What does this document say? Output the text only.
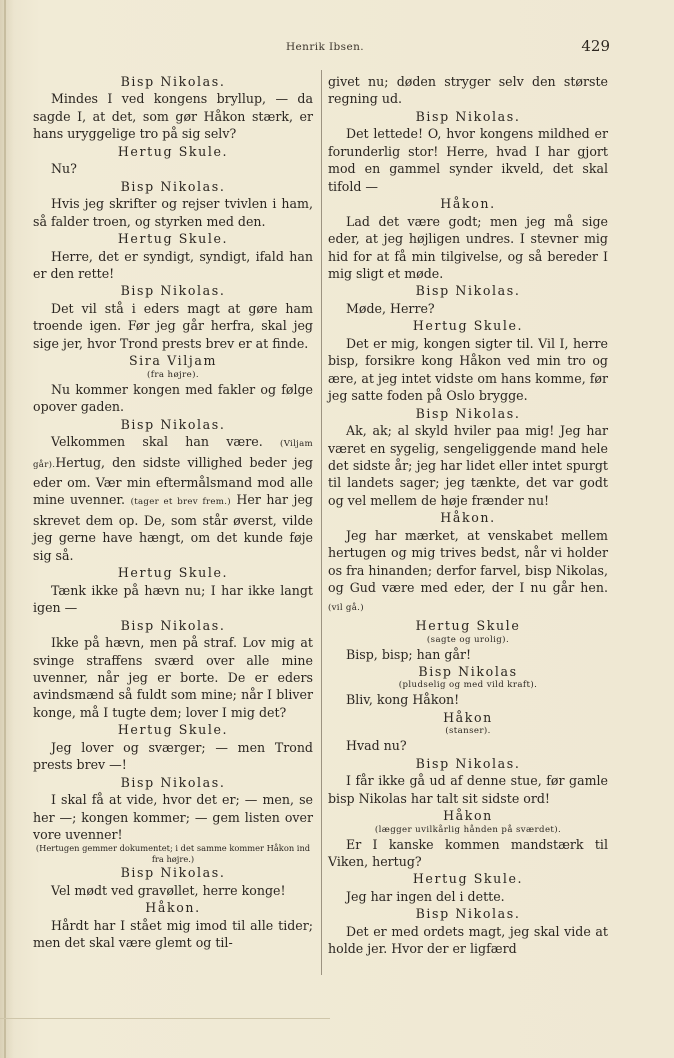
Henrik Ibsen.	429

Bisp Nikolas.

Mindes I ved kongens bryllup, — da sagde I, at det, som gør Håkon stærk, er hans uryggelige tro på sig selv?

Hertug Skule.

Nu?

Bisp Nikolas.

Hvis jeg skrifter og rejser tvivlen i ham, så falder troen, og styrken med den.

Hertug Skule.

Herre, det er syndigt, syndigt, ifald han er den rette!

Bisp Nikolas.

Det vil stå i eders magt at gøre ham troende igen. Før jeg går herfra, skal jeg sige jer, hvor Trond prests brev er at finde.

Sira Viljam

(fra højre).

Nu kommer kongen med fakler og følge opover gaden.

Bisp Nikolas.

Velkommen skal han være. (Viljam går).Hertug, den sidste villighed beder jeg eder om. Vær min eftermålsmand mod alle mine uvenner. (tager et brev frem.) Her har jeg skrevet dem op. De, som står øverst, vilde jeg gerne have hængt, om det kunde føje sig så.

Hertug Skule.

Tænk ikke på hævn nu; I har ikke langt igen —

Bisp Nikolas.

Ikke på hævn, men på straf. Lov mig at svinge straffens sværd over alle mine uvenner, når jeg er borte. De er eders avindsmænd så fuldt som mine; når I bliver konge, må I tugte dem; lover I mig det?

Hertug Skule.

Jeg lover og sværger; — men Trond prests brev —!

Bisp Nikolas.

I skal få at vide, hvor det er; — men, se her —; kongen kommer; — gem listen over vore uvenner!

(Hertugen gemmer dokumentet; i det samme kommer Håkon ind fra højre.)

Bisp Nikolas.

Vel mødt ved gravøllet, herre konge!

Håkon.

Hårdt har I stået mig imod til alle tider; men det skal være glemt og til-

givet nu; døden stryger selv den største regning ud.

Bisp Nikolas.

Det lettede! O, hvor kongens mildhed er forunderlig stor! Herre, hvad I har gjort mod en gammel synder ikveld, det skal tifold —

Håkon.

Lad det være godt; men jeg må sige eder, at jeg højligen undres. I stevner mig hid for at få min tilgivelse, og så bereder I mig sligt et møde.

Bisp Nikolas.

Møde, Herre?

Hertug Skule.

Det er mig, kongen sigter til. Vil I, herre bisp, forsikre kong Håkon ved min tro og ære, at jeg intet vidste om hans komme, før jeg satte foden på Oslo brygge.

Bisp Nikolas.

Ak, ak; al skyld hviler paa mig! Jeg har været en sygelig, sengeliggende mand hele det sidste år; jeg har lidet eller intet spurgt til landets sager; jeg tænkte, det var godt og vel mellem de høje frænder nu!

Håkon.

Jeg har mærket, at venskabet mellem hertugen og mig trives bedst, når vi holder os fra hinanden; derfor farvel, bisp Nikolas, og Gud være med eder, der I nu går hen. (vil gå.)

Hertug Skule

(sagte og urolig).

Bisp, bisp; han går!

Bisp Nikolas

(pludselig og med vild kraft).

Bliv, kong Håkon!

Håkon

(stanser).

Hvad nu?

Bisp Nikolas.

I får ikke gå ud af denne stue, før gamle bisp Nikolas har talt sit sidste ord!

Håkon

(lægger uvilkårlig hånden på sværdet).

Er I kanske kommen mandstærk til Viken, hertug?

Hertug Skule.

Jeg har ingen del i dette.

Bisp Nikolas.

Det er med ordets magt, jeg skal vide at holde jer. Hvor der er ligfærd
